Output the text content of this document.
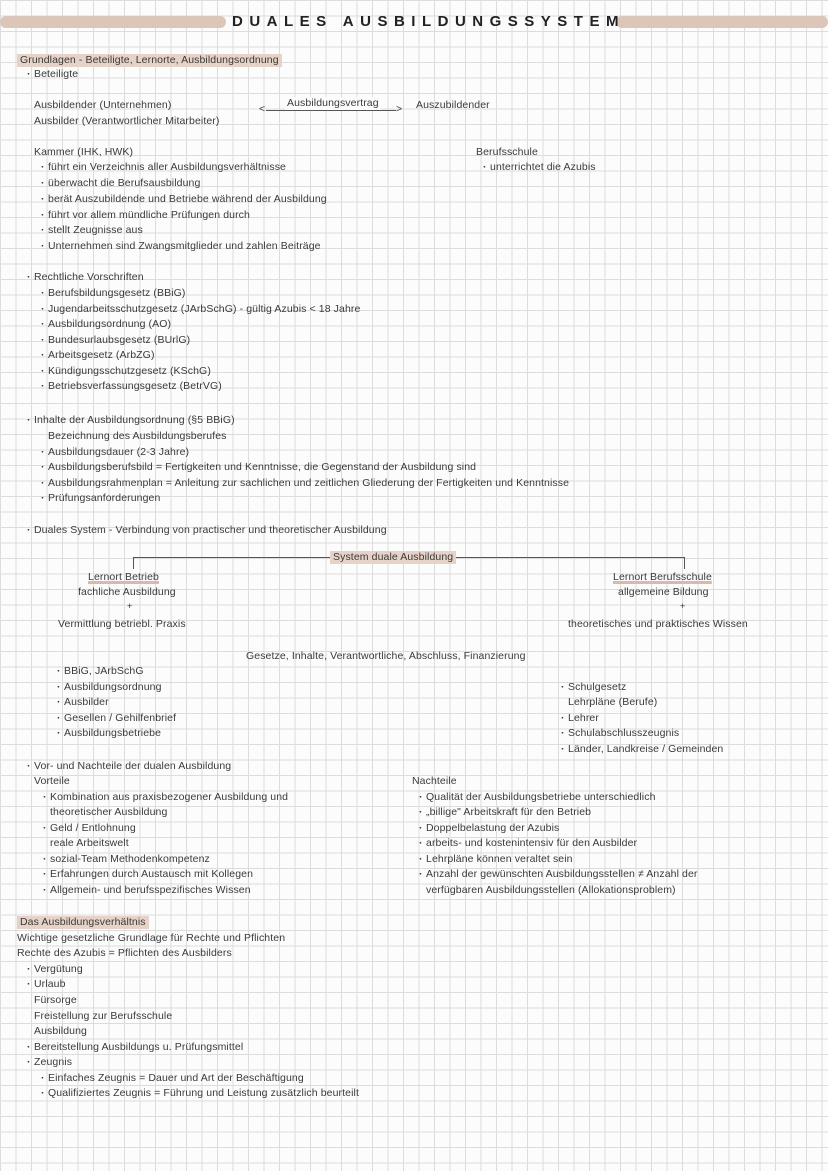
DUALES AUSBILDUNGSSYSTEM
Grundlagen - Beteiligte, Lernorte, Ausbildungsordnung
· Beteiligte
Ausbildender (Unternehmen)
Ausbilder (Verantwortlicher Mitarbeiter)
<	>
Ausbildungsvertrag	Auszubildender
Kammer (IHK, HWK)
· führt ein Verzeichnis aller Ausbildungsverhältnisse
· überwacht die Berufsausbildung
· berät Auszubildende und Betriebe während der Ausbildung
· führt vor allem mündliche Prüfungen durch
· stellt Zeugnisse aus
· Unternehmen sind Zwangsmitglieder und zahlen Beiträge
Berufsschule
· unterrichtet die Azubis
· Rechtliche Vorschriften
· Berufsbildungsgesetz (BBiG)
· Jugendarbeitsschutzgesetz (JArbSchG) - gültig Azubis < 18 Jahre
· Ausbildungsordnung (AO)
· Bundesurlaubsgesetz (BUrlG)
· Arbeitsgesetz (ArbZG)
· Kündigungsschutzgesetz (KSchG)
· Betriebsverfassungsgesetz (BetrVG)
· Inhalte der Ausbildungsordnung (§5 BBiG)
Bezeichnung des Ausbildungsberufes
· Ausbildungsdauer (2-3 Jahre)
· Ausbildungsberufsbild = Fertigkeiten und Kenntnisse, die Gegenstand der Ausbildung sind
· Ausbildungsrahmenplan = Anleitung zur sachlichen und zeitlichen Gliederung der Fertigkeiten und Kenntnisse
· Prüfungsanforderungen
· Duales System - Verbindung von practischer und theoretischer Ausbildung
System duale Ausbildung
Lernort Betrieb
fachliche Ausbildung
+
Vermittlung betriebl. Praxis
Lernort Berufsschule
allgemeine Bildung
+
theoretisches und praktisches Wissen
Gesetze, Inhalte, Verantwortliche, Abschluss, Finanzierung
· BBiG, JArbSchG
· Ausbildungsordnung
· Ausbilder
· Gesellen / Gehilfenbrief
· Ausbildungsbetriebe
· Schulgesetz
Lehrpläne (Berufe)
· Lehrer
· Schulabschlusszeugnis
· Länder, Landkreise / Gemeinden
· Vor- und Nachteile der dualen Ausbildung
Vorteile
· Kombination aus praxisbezogener Ausbildung und
theoretischer Ausbildung
· Geld / Entlohnung
reale Arbeitswelt
· sozial-Team Methodenkompetenz
· Erfahrungen durch Austausch mit Kollegen
· Allgemein- und berufsspezifisches Wissen
Nachteile
· Qualität der Ausbildungsbetriebe unterschiedlich
· „billige" Arbeitskraft für den Betrieb
· Doppelbelastung der Azubis
· arbeits- und kostenintensiv für den Ausbilder
· Lehrpläne können veraltet sein
· Anzahl der gewünschten Ausbildungsstellen ≠ Anzahl der
verfügbaren Ausbildungsstellen (Allokationsproblem)
Das Ausbildungsverhältnis
Wichtige gesetzliche Grundlage für Rechte und Pflichten
Rechte des Azubis = Pflichten des Ausbilders
· Vergütung
· Urlaub
Fürsorge
Freistellung zur Berufsschule
Ausbildung
· Bereitstellung Ausbildungs u. Prüfungsmittel
· Zeugnis
· Einfaches Zeugnis = Dauer und Art der Beschäftigung
· Qualifiziertes Zeugnis = Führung und Leistung zusätzlich beurteilt
